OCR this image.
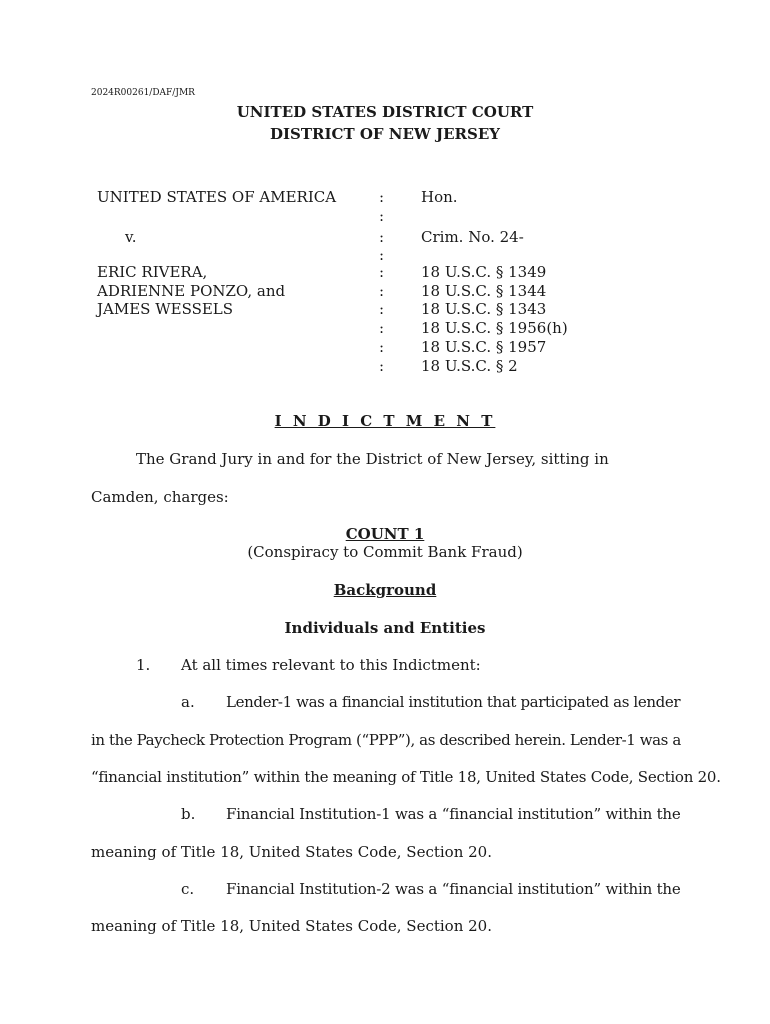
2024R00261/DAF/JMR
UNITED STATES DISTRICT COURT
DISTRICT OF NEW JERSEY
UNITED STATES OF AMERICA
v.
ERIC RIVERA,
ADRIENNE PONZO, and
JAMES WESSELS
:
:
:
:
:
:
:
:
:
:
Hon.
Crim. No. 24-
18 U.S.C. § 1349
18 U.S.C. § 1344
18 U.S.C. § 1343
18 U.S.C. § 1956(h)
18 U.S.C. § 1957
18 U.S.C. § 2
I N D I C T M E N T
The Grand Jury in and for the District of New Jersey, sitting in
Camden, charges:
COUNT 1
(Conspiracy to Commit Bank Fraud)
Background
Individuals and Entities
1. At all times relevant to this Indictment:
a. Lender-1 was a financial institution that participated as lender
in the Paycheck Protection Program (“PPP”), as described herein. Lender-1 was a
“financial institution” within the meaning of Title 18, United States Code, Section 20.
b. Financial Institution-1 was a “financial institution” within the
meaning of Title 18, United States Code, Section 20.
c. Financial Institution-2 was a “financial institution” within the
meaning of Title 18, United States Code, Section 20.
